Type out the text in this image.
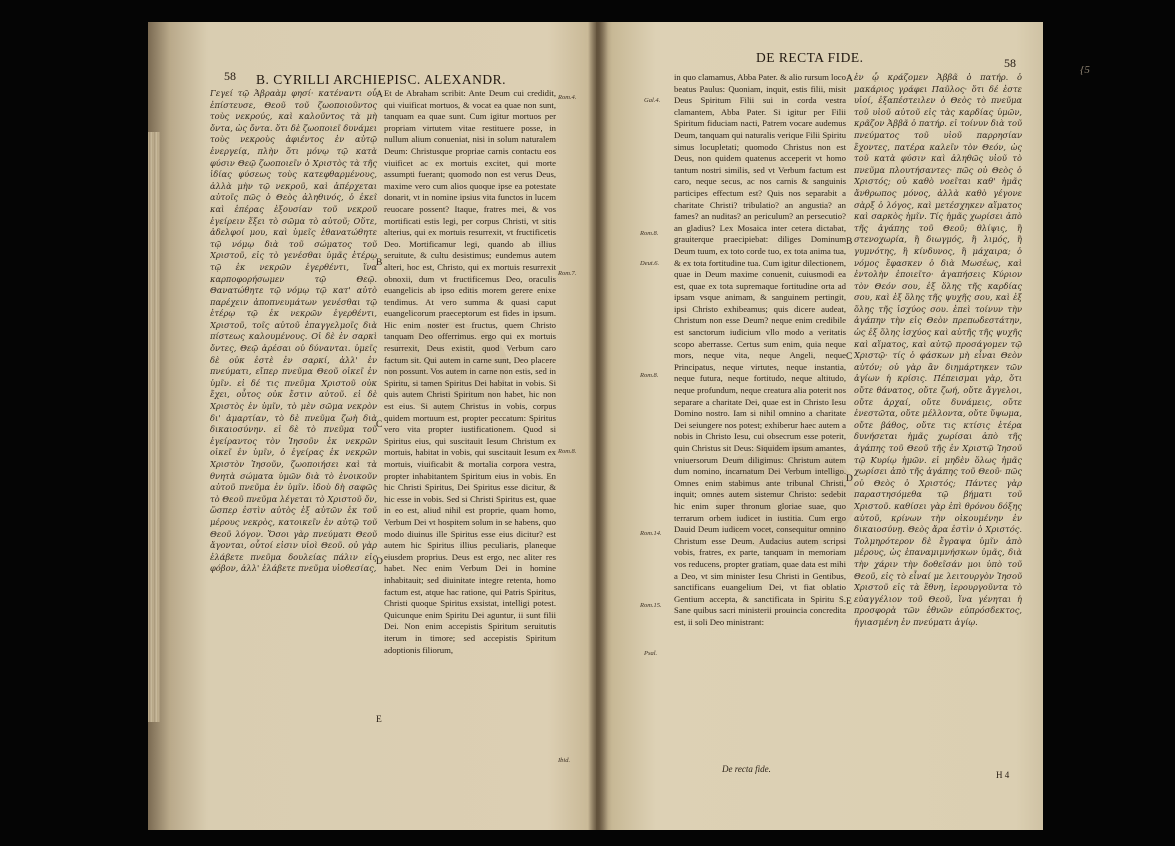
58 B. CYRILLI ARCHIEPISC. ALEXANDR.
Γεγεί τῷ Ἀβραὰμ φησί· κατέναντι οὗ ἐπίστευσε, Θεοῦ τοῦ ζωοποιοῦντος τοὺς νεκρούς, καὶ καλοῦντος τὰ μὴ ὄντα, ὡς ὄντα. ὅτι δὲ ζωοποιεῖ δυνάμει τοὺς νεκροὺς ἀφιέντος ἐν αὐτῷ ἐνεργείᾳ, πλὴν ὅτι μόνῳ τῷ κατὰ φύσιν Θεῷ ζωοποιεῖν ὁ Χριστὸς τὰ τῆς ἰδίας φύσεως τοὺς κατεφθαρμένους, ἀλλὰ μὴν τῷ νεκροῦ, καὶ ἀπέρχεται αὐτοῖς πῶς ὁ Θεὸς ἀληθινός, ὁ ἐκεῖ καὶ ἐπέρας ἐξουσίαν τοῦ νεκροῦ ἐγείρειν ἕξει τὸ σῶμα τὸ αὐτοῦ; Οὕτε, ἀδελφοί μου, καὶ ὑμεῖς ἐθανατώθητε τῷ νόμῳ διὰ τοῦ σώματος τοῦ Χριστοῦ, εἰς τὸ γενέσθαι ὑμᾶς ἑτέρῳ τῷ ἐκ νεκρῶν ἐγερθέντι, ἵνα καρποφορήσωμεν τῷ Θεῷ. Θανατώθητε τῷ νόμῳ τῷ κατ' αὐτὸ παρέχειν ἀποπνευμάτων γενέσθαι τῷ ἑτέρῳ τῷ ἐκ νεκρῶν ἐγερθέντι, Χριστοῦ, τοῖς αὐτοῦ ἐπαγγελμοῖς διὰ πίστεως καλουμένους. Οἱ δὲ ἐν σαρκὶ ὄντες, Θεῷ ἀρέσαι οὐ δύνανται. ὑμεῖς δὲ οὐκ ἐστὲ ἐν σαρκί, ἀλλ' ἐν πνεύματι, εἴπερ πνεῦμα Θεοῦ οἰκεῖ ἐν ὑμῖν. εἰ δέ τις πνεῦμα Χριστοῦ οὐκ ἔχει, οὗτος οὐκ ἔστιν αὐτοῦ. εἰ δὲ Χριστὸς ἐν ὑμῖν, τὸ μὲν σῶμα νεκρὸν δι' ἁμαρτίαν, τὸ δὲ πνεῦμα ζωὴ διὰ δικαιοσύνην. εἰ δὲ τὸ πνεῦμα τοῦ ἐγείραντος τὸν Ἰησοῦν ἐκ νεκρῶν οἰκεῖ ἐν ὑμῖν, ὁ ἐγείρας ἐκ νεκρῶν Χριστὸν Ἰησοῦν, ζωοποιήσει καὶ τὰ θνητὰ σώματα ὑμῶν διὰ τὸ ἐνοικοῦν αὐτοῦ πνεῦμα ἐν ὑμῖν. ἰδοὺ δὴ σαφῶς τὸ Θεοῦ πνεῦμα λέγεται τὸ Χριστοῦ ὄν, ὥσπερ ἐστὶν αὐτὸς ἐξ αὐτῶν ἐκ τοῦ μέρους νεκρὸς, κατοικεῖν ἐν αὐτῷ τοῦ Θεοῦ λόγον. Ὅσοι γὰρ πνεύματι Θεοῦ ἄγονται, οὗτοί εἰσιν υἱοὶ Θεοῦ. οὐ γὰρ ἐλάβετε πνεῦμα δουλείας πάλιν εἰς φόβον, ἀλλ' ἐλάβετε πνεῦμα υἱοθεσίας,
Et de Abraham scribit: Ante Deum cui credidit, qui viuificat mortuos, & vocat ea quae non sunt, tanquam ea quae sunt. Cum igitur mortuos per propriam virtutem vitae restituere posse, in nullum alium conueniat, nisi in solum naturalem Deum: Christusque propriae carnis contactu eos viuificet ac ex mortuis excitet, qui morte assumpti fuerant; quomodo non est verus Deus, maxime vero cum alios quoque ipse ea potestate donarit, vt in nomine ipsius vita functos in lucem reuocare possent? Itaque, fratres mei, & vos mortificati estis legi, per corpus Christi, vt sitis alterius, qui ex mortuis resurrexit, vt fructificetis Deo. Mortificamur legi, quando ab illius seruitute, & cultu desistimus; eundemus autem alteri, hoc est, Christo, qui ex mortuis resurrexit obnoxii, dum vt fructificemus Deo, oraculis euangelicis ab ipso editis morem gerere enixe tendimus. At vero summa & quasi caput euangelicorum praeceptorum est fides in ipsum. Hic enim noster est fructus, quem Christo tanquam Deo offerrimus. ergo qui ex mortuis resurrexit, Deus existit, quod Verbum caro factum sit. Qui autem in carne sunt, Deo placere non possunt. Vos autem in carne non estis, sed in Spiritu, si tamen Spiritus Dei habitat in vobis. Si quis autem Christi Spiritum non habet, hic non est eius. Si autem Christus in vobis, corpus quidem mortuum est, propter peccatum: Spiritus vero vita propter iustificationem. Quod si Spiritus eius, qui suscitauit Iesum Christum ex mortuis, habitat in vobis, qui suscitauit Iesum ex mortuis, viuificabit & mortalia corpora vestra, propter inhabitantem Spiritum eius in vobis. En hic Christi Spiritus, Dei Spiritus esse dicitur, & hic esse in vobis. Sed si Christi Spiritus est, quae in eo est, aliud nihil est proprie, quam homo, Verbum Dei vt hospitem solum in se habens, quo modo diuinus ille Spiritus esse eius dicitur? est autem hic Spiritus illius peculiaris, planeque eiusdem proprius. Deus est ergo, nec aliter res habet. Nec enim Verbum Dei in homine inhabitauit; sed diuinitate integre retenta, homo factum est, atque hac ratione, qui Patris Spiritus, Christi quoque Spiritus exsistat, intelligi potest. Quicunque enim Spiritu Dei aguntur, ii sunt filii Dei. Non enim accepistis Spiritum seruitutis iterum in timore; sed accepistis Spiritum adoptionis filiorum,
A
B
C
D
E
Rom.4.
Rom.7.
Rom.8.
Ibid.
DE RECTA FIDE.	58
in quo clamamus, Abba Pater. & alio rursum loco beatus Paulus: Quoniam, inquit, estis filii, misit Deus Spiritum Filii sui in corda vestra clamantem, Abba Pater. Si igitur per Filii Spiritum fiduciam nacti, Patrem vocare audemus Deum, tanquam qui naturalis verique Filii Spiritu simus locupletati; quomodo Christus non est Deus, non quidem quatenus acceperit vt homo tantum nostri similis, sed vt Verbum factum est caro, neque secus, ac nos carnis & sanguinis participes effectum est? Quis nos separabit a charitate Christi? tribulatio? an angustia? an fames? an nuditas? an periculum? an persecutio? an gladius? Lex Mosaica inter cetera dictabat, grauiterque praecipiebat: diliges Dominum Deum tuum, ex toto corde tuo, ex tota anima tua, & ex tota fortitudine tua. Cum igitur dilectionem, quae in Deum maxime conuenit, cuiusmodi ea est, quae ex tota supremaque fortitudine orta ad ipsam vsque animam, & sanguinem pertingit, ipsi Christo exhibeamus; quis dicere audeat, Christum non esse Deum? neque enim credibile est sanctorum iudicium vllo modo a veritatis scopo aberrasse. Certus sum enim, quia neque mors, neque vita, neque Angeli, neque Principatus, neque virtutes, neque instantia, neque futura, neque fortitudo, neque altitudo, neque profundum, neque creatura alia poterit nos separare a charitate Dei, quae est in Christo Iesu Domino nostro. Iam si nihil omnino a charitate Dei seiungere nos potest; exhiberur haec autem a nobis in Christo Iesu, cui obsecrum esse poterit, quin Christus sit Deus: Siquidem ipsum amantes, vniuersorum Deum diligimus: Christum autem dum nomino, incarnatum Dei Verbum intelligo. Omnes enim stabimus ante tribunal Christi, inquit; omnes autem sistemur Christo: sedebit hic enim super thronum gloriae suae, quo terrarum orbem iudicet in iustitia. Cum ergo Dauid Deum iudicem vocet, consequitur omnino Christum esse Deum. Audacius autem scripsi vobis, fratres, ex parte, tanquam in memoriam vos reducens, propter gratiam, quae data est mihi a Deo, vt sim minister Iesu Christi in Gentibus, sanctificans euangelium Dei, vt fiat oblatio Gentium accepta, & sanctificata in Spiritu S. Sane quibus sacri ministerii prouincia concredita est, ii soli Deo ministrant:
ἐν ᾧ κράζομεν Ἀββᾶ ὁ πατήρ. ὁ μακάριος γράφει Παῦλος· ὅτι δέ ἐστε υἱοί, ἐξαπέστειλεν ὁ Θεὸς τὸ πνεῦμα τοῦ υἱοῦ αὐτοῦ εἰς τὰς καρδίας ὑμῶν, κρᾶζον Ἀββᾶ ὁ πατήρ. εἰ τοίνυν διὰ τοῦ πνεύματος τοῦ υἱοῦ παρρησίαν ἔχοντες, πατέρα καλεῖν τὸν Θεόν, ὡς τοῦ κατὰ φύσιν καὶ ἀληθῶς υἱοῦ τὸ πνεῦμα πλουτήσαντες· πῶς οὐ Θεὸς ὁ Χριστός; οὐ καθὸ νοεῖται καθ' ἡμᾶς ἄνθρωπος μόνος, ἀλλὰ καθὸ γέγονε σὰρξ ὁ λόγος, καὶ μετέσχηκεν αἵματος καὶ σαρκὸς ἡμῖν. Τίς ἡμᾶς χωρίσει ἀπὸ τῆς ἀγάπης τοῦ Θεοῦ; θλίψις, ἢ στενοχωρία, ἢ διωγμός, ἢ λιμός, ἢ γυμνότης, ἢ κίνδυνος, ἢ μάχαιρα; ὁ νόμος ἔφασκεν ὁ διὰ Μωσέως, καὶ ἐντολὴν ἐποιεῖτο· ἀγαπήσεις Κύριον τὸν Θεόν σου, ἐξ ὅλης τῆς καρδίας σου, καὶ ἐξ ὅλης τῆς ψυχῆς σου, καὶ ἐξ ὅλης τῆς ἰσχύος σου. ἐπεὶ τοίνυν τὴν ἀγάπην τὴν εἰς Θεὸν πρεπωδεστάτην, ὡς ἐξ ὅλης ἰσχύος καὶ αὐτῆς τῆς ψυχῆς καὶ αἵματος, καὶ αὐτῷ προσάγομεν τῷ Χριστῷ· τίς ὁ φάσκων μὴ εἶναι Θεὸν αὐτόν; οὐ γὰρ ἂν διημάρτηκεν τῶν ἁγίων ἡ κρίσις. Πέπεισμαι γὰρ, ὅτι οὔτε θάνατος, οὔτε ζωή, οὔτε ἄγγελοι, οὔτε ἀρχαί, οὔτε δυνάμεις, οὔτε ἐνεστῶτα, οὔτε μέλλοντα, οὔτε ὕψωμα, οὔτε βάθος, οὔτε τις κτίσις ἑτέρα δυνήσεται ἡμᾶς χωρίσαι ἀπὸ τῆς ἀγάπης τοῦ Θεοῦ τῆς ἐν Χριστῷ Ἰησοῦ τῷ Κυρίῳ ἡμῶν. εἰ μηδὲν ὅλως ἡμᾶς χωρίσει ἀπὸ τῆς ἀγάπης τοῦ Θεοῦ· πῶς οὐ Θεὸς ὁ Χριστός; Πάντες γὰρ παραστησόμεθα τῷ βήματι τοῦ Χριστοῦ. καθίσει γὰρ ἐπὶ θρόνου δόξης αὐτοῦ, κρίνων τὴν οἰκουμένην ἐν δικαιοσύνῃ. Θεὸς ἄρα ἐστὶν ὁ Χριστός. Τολμηρότερον δὲ ἔγραψα ὑμῖν ἀπὸ μέρους, ὡς ἐπαναμιμνήσκων ὑμᾶς, διὰ τὴν χάριν τὴν δοθεῖσάν μοι ὑπὸ τοῦ Θεοῦ, εἰς τὸ εἶναί με λειτουργὸν Ἰησοῦ Χριστοῦ εἰς τὰ ἔθνη, ἱερουργοῦντα τὸ εὐαγγέλιον τοῦ Θεοῦ, ἵνα γένηται ἡ προσφορὰ τῶν ἐθνῶν εὐπρόσδεκτος, ἡγιασμένη ἐν πνεύματι ἁγίῳ.
A
B
C
D
E
Gal.4.
Rom.8.
Deut.6.
Rom.8.
Rom.14.
Rom.15.
Psal.
De recta fide.
H 4
{5
